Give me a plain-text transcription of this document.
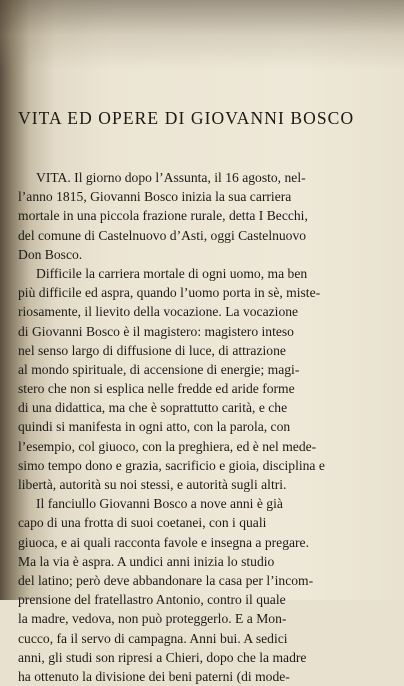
VITA ED OPERE DI GIOVANNI BOSCO
VITA. Il giorno dopo l’Assunta, il 16 agosto, nel-
l’anno 1815, Giovanni Bosco inizia la sua carriera
mortale in una piccola frazione rurale, detta I Becchi,
del comune di Castelnuovo d’Asti, oggi Castelnuovo
Don Bosco.
Difficile la carriera mortale di ogni uomo, ma ben
più difficile ed aspra, quando l’uomo porta in sè, miste-
riosamente, il lievito della vocazione. La vocazione
di Giovanni Bosco è il magistero: magistero inteso
nel senso largo di diffusione di luce, di attrazione
al mondo spirituale, di accensione di energie; magi-
stero che non si esplica nelle fredde ed aride forme
di una didattica, ma che è soprattutto carità, e che
quindi si manifesta in ogni atto, con la parola, con
l’esempio, col giuoco, con la preghiera, ed è nel mede-
simo tempo dono e grazia, sacrificio e gioia, disciplina e
libertà, autorità su noi stessi, e autorità sugli altri.
Il fanciullo Giovanni Bosco a nove anni è già
capo di una frotta di suoi coetanei, con i quali
giuoca, e ai quali racconta favole e insegna a pregare.
Ma la via è aspra. A undici anni inizia lo studio
del latino; però deve abbandonare la casa per l’incom-
prensione del fratellastro Antonio, contro il quale
la madre, vedova, non può proteggerlo. E a Mon-
cucco, fa il servo di campagna. Anni bui. A sedici
anni, gli studi son ripresi a Chieri, dopo che la madre
ha ottenuto la divisione dei beni paterni (di mode-
